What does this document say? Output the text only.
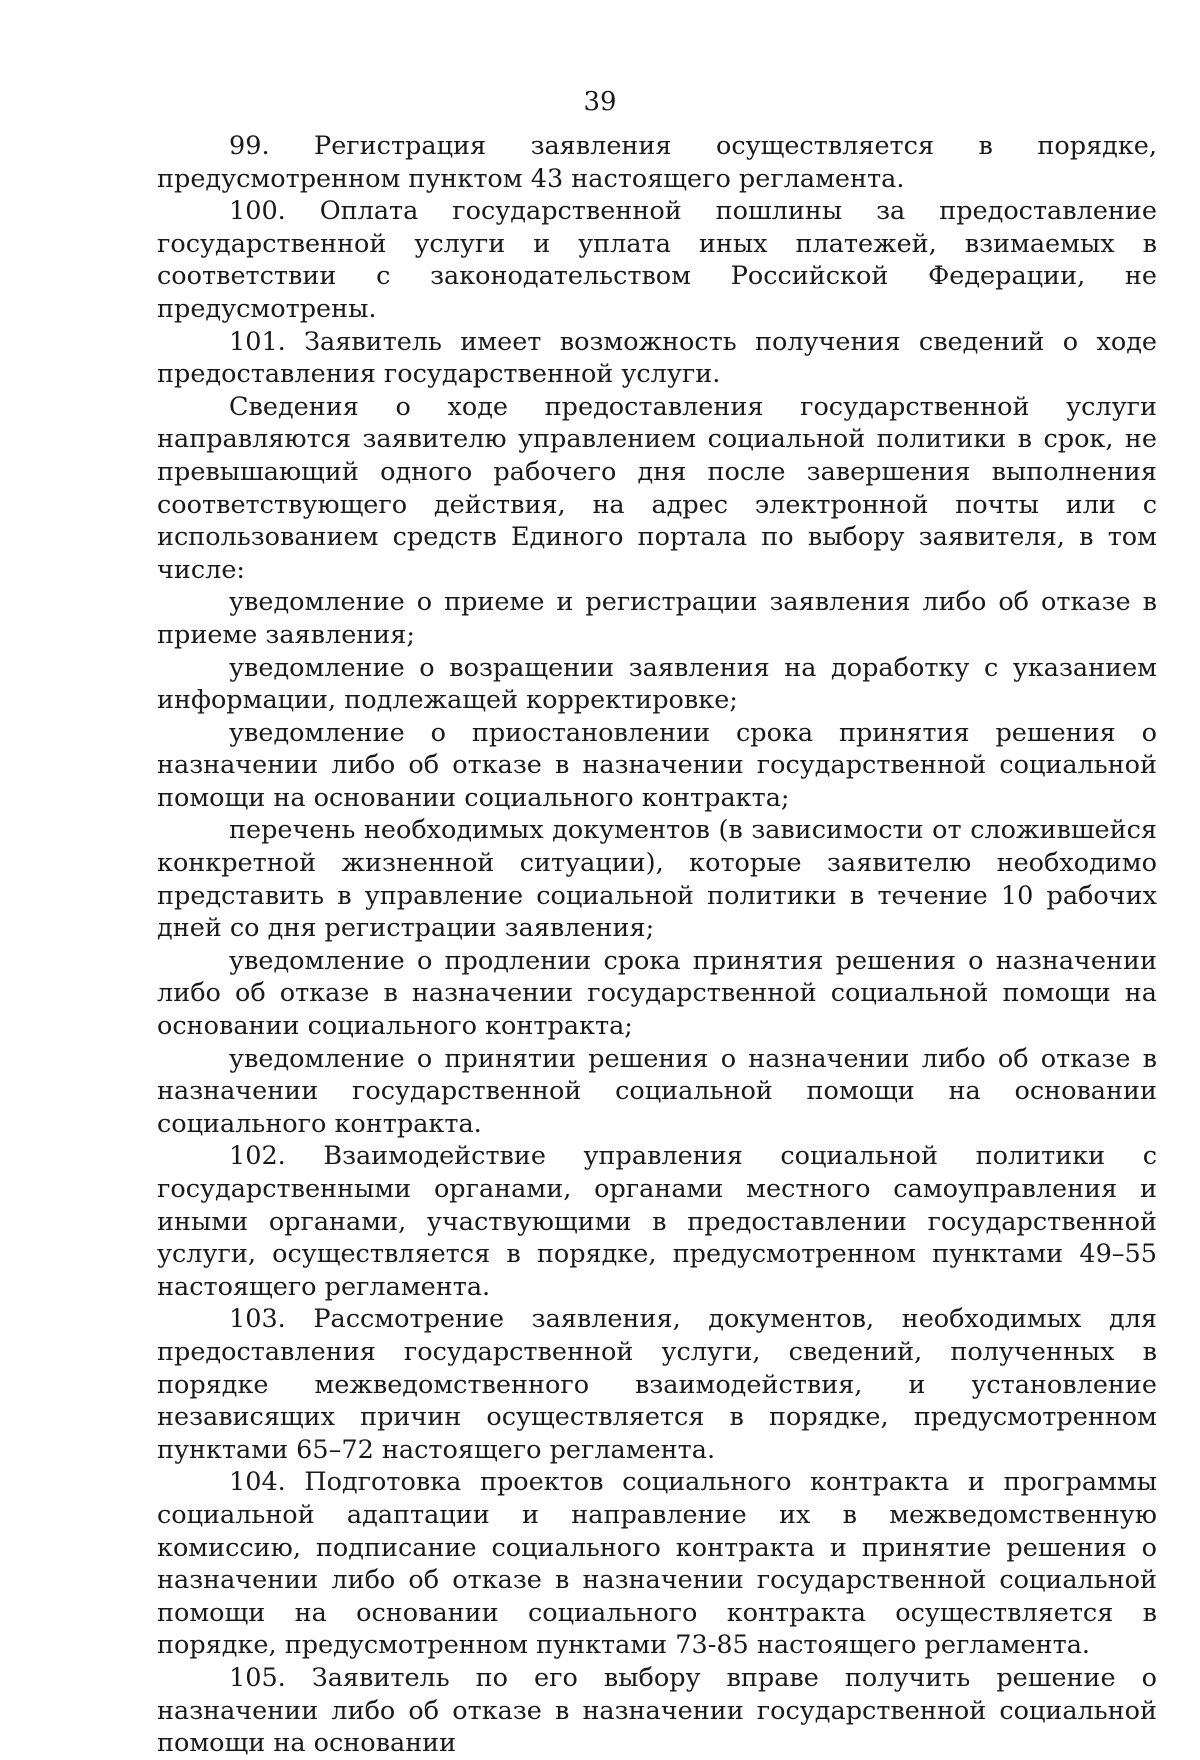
39

99. Регистрация заявления осуществляется в порядке, предусмотренном пунктом 43 настоящего регламента.

100. Оплата государственной пошлины за предоставление государственной услуги и уплата иных платежей, взимаемых в соответствии с законодательством Российской Федерации, не предусмотрены.

101. Заявитель имеет возможность получения сведений о ходе предоставления государственной услуги.

Сведения о ходе предоставления государственной услуги направляются заявителю управлением социальной политики в срок, не превышающий одного рабочего дня после завершения выполнения соответствующего действия, на адрес электронной почты или с использованием средств Единого портала по выбору заявителя, в том числе:

уведомление о приеме и регистрации заявления либо об отказе в приеме заявления;

уведомление о возращении заявления на доработку с указанием информации, подлежащей корректировке;

уведомление о приостановлении срока принятия решения о назначении либо об отказе в назначении государственной социальной помощи на основании социального контракта;

перечень необходимых документов (в зависимости от сложившейся конкретной жизненной ситуации), которые заявителю необходимо представить в управление социальной политики в течение 10 рабочих дней со дня регистрации заявления;

уведомление о продлении срока принятия решения о назначении либо об отказе в назначении государственной социальной помощи на основании социального контракта;

уведомление о принятии решения о назначении либо об отказе в назначении государственной социальной помощи на основании социального контракта.

102. Взаимодействие управления социальной политики с государственными органами, органами местного самоуправления и иными органами, участвующими в предоставлении государственной услуги, осуществляется в порядке, предусмотренном пунктами 49–55 настоящего регламента.

103. Рассмотрение заявления, документов, необходимых для предоставления государственной услуги, сведений, полученных в порядке межведомственного взаимодействия, и установление независящих причин осуществляется в порядке, предусмотренном пунктами 65–72 настоящего регламента.

104. Подготовка проектов социального контракта и программы социальной адаптации и направление их в межведомственную комиссию, подписание социального контракта и принятие решения о назначении либо об отказе в назначении государственной социальной помощи на основании социального контракта осуществляется в порядке, предусмотренном пунктами 73-85 настоящего регламента.

105. Заявитель по его выбору вправе получить решение о назначении либо об отказе в назначении государственной социальной помощи на основании
